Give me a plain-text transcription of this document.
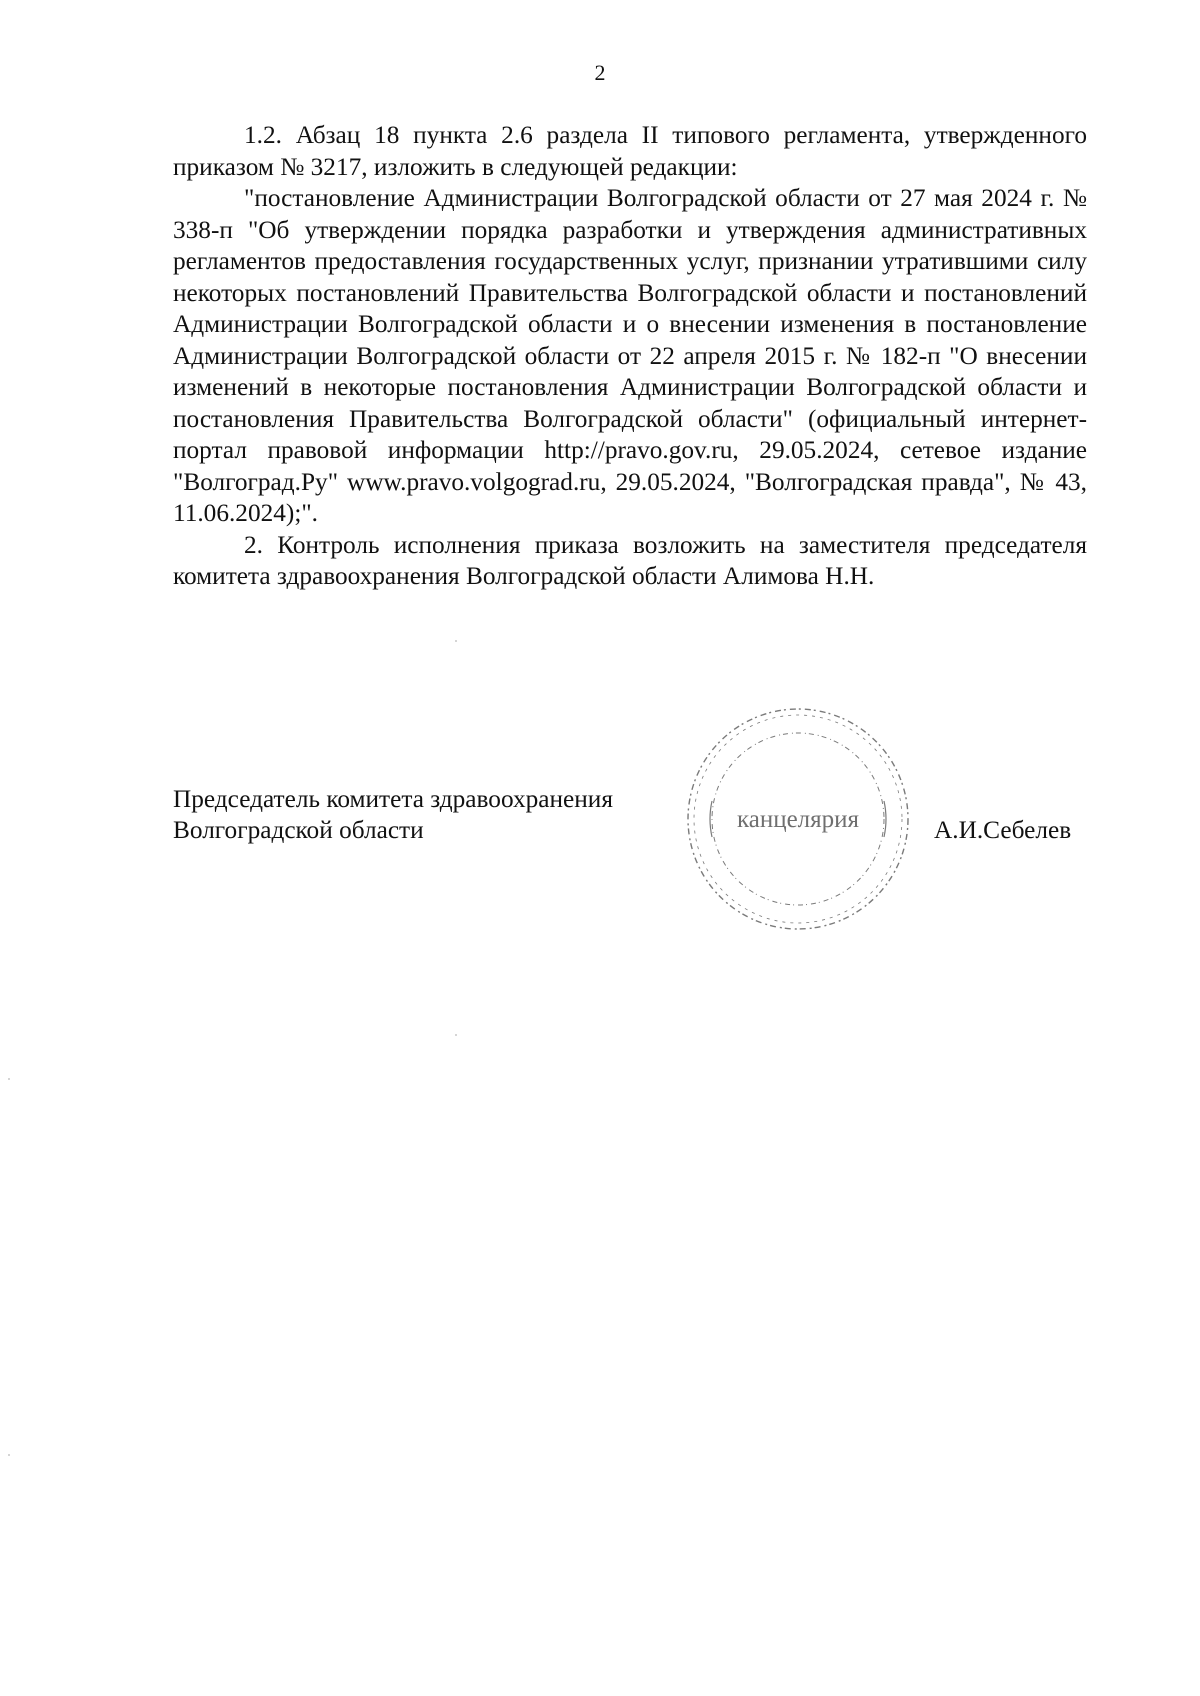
2

1.2. Абзац 18 пункта 2.6 раздела II типового регламента, утвержденного приказом № 3217, изложить в следующей редакции:

"постановление Администрации Волгоградской области от 27 мая 2024 г. № 338-п "Об утверждении порядка разработки и утверждения административных регламентов предоставления государственных услуг, признании утратившими силу некоторых постановлений Правительства Волгоградской области и постановлений Администрации Волгоградской области и о внесении изменения в постановление Администрации Волгоградской области от 22 апреля 2015 г. № 182-п "О внесении изменений в некоторые постановления Администрации Волгоградской области и постановления Правительства Волгоградской области" (официальный интернет-портал правовой информации http://pravo.gov.ru, 29.05.2024, сетевое издание "Волгоград.Ру" www.pravo.volgograd.ru, 29.05.2024, "Волгоградская правда", № 43, 11.06.2024);".

2. Контроль исполнения приказа возложить на заместителя председателя комитета здравоохранения Волгоградской области Алимова Н.Н.

Председатель комитета здравоохранения
Волгоградской области	А.И.Себелев
канцелярия
